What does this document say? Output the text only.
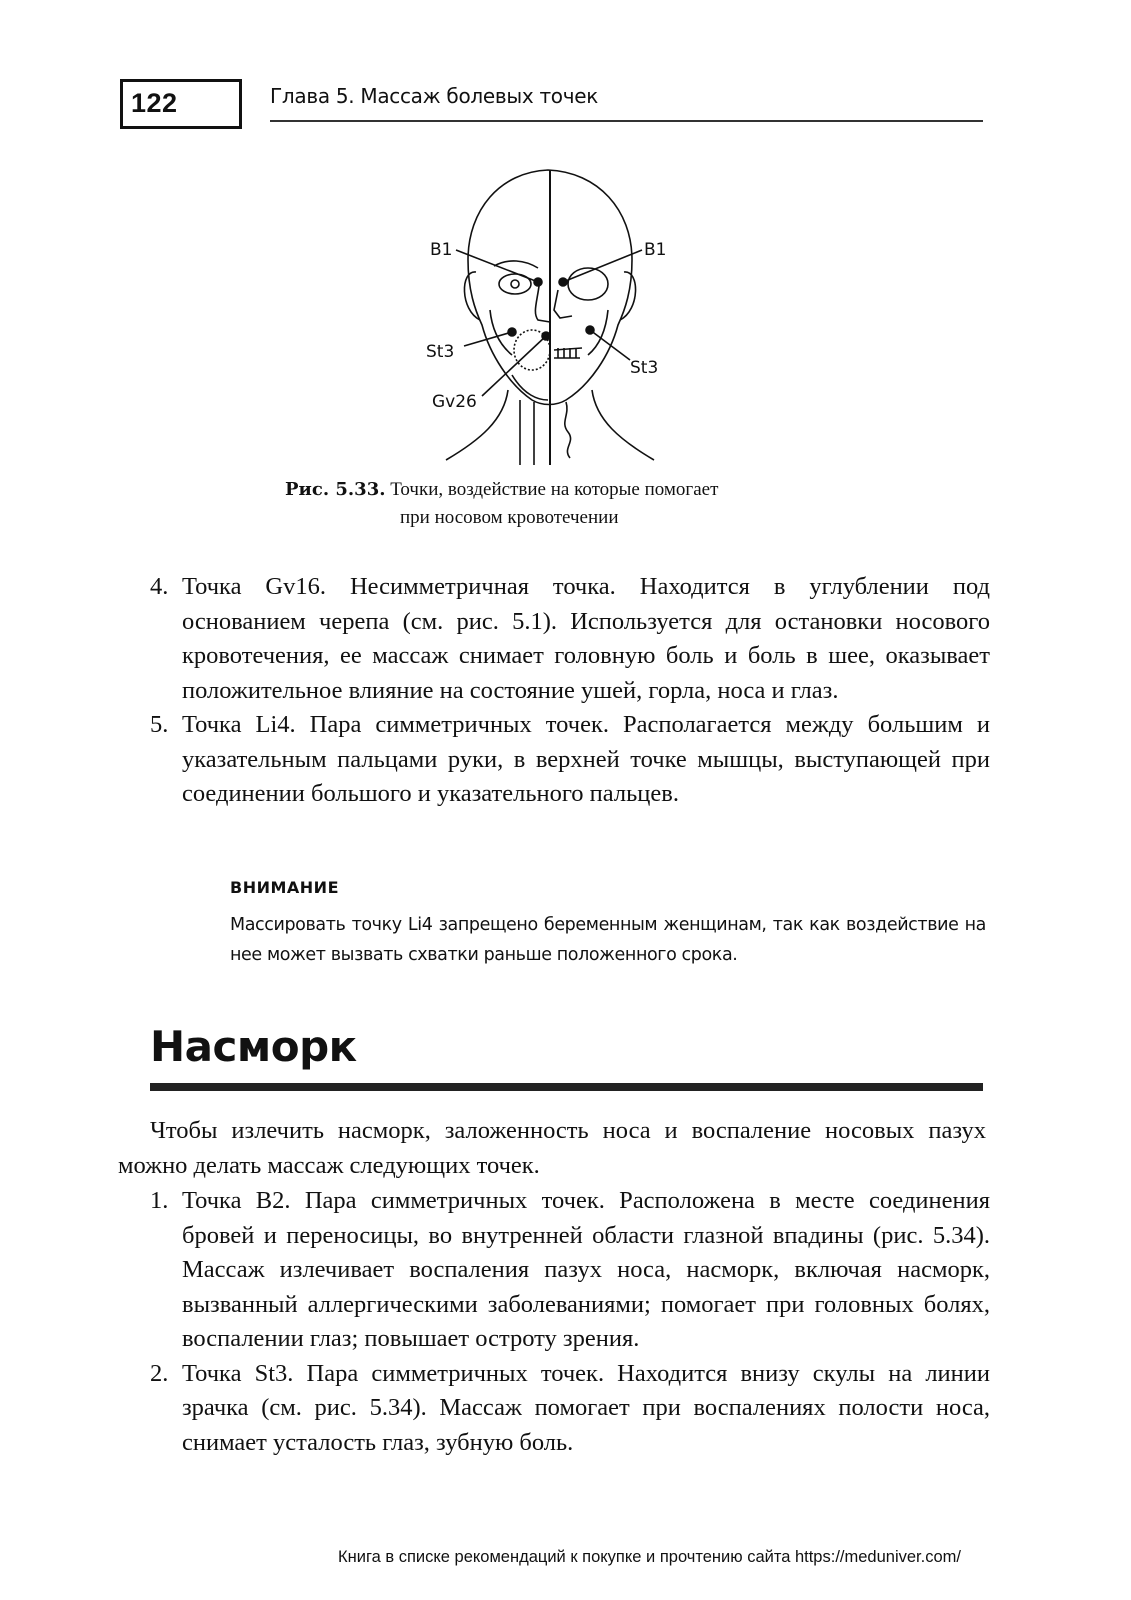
122	Глава 5. Массаж болевых точек
B1	B1
St3
St3
Gv26
Рис. 5.33. Точки, воздействие на которые помогает
при носовом кровотечении

4. Точка Gv16. Несимметричная точка. Находится в углублении под основанием черепа (см. рис. 5.1). Используется для остановки носового кровотечения, ее массаж снимает головную боль и боль в шее, оказывает положительное влияние на состояние ушей, горла, носа и глаз.

5. Точка Li4. Пара симметричных точек. Располагается между большим и указательным пальцами руки, в верхней точке мышцы, выступающей при соединении большого и указательного пальцев.

ВНИМАНИЕ
Массировать точку Li4 запрещено беременным женщинам, так как воздействие на нее может вызвать схватки раньше положенного срока.
Насморк
Чтобы излечить насморк, заложенность носа и воспаление носовых пазух можно делать массаж следующих точек.

1. Точка В2. Пара симметричных точек. Расположена в месте соединения бровей и переносицы, во внутренней области глазной впадины (рис. 5.34). Массаж излечивает воспаления пазух носа, насморк, включая насморк, вызванный аллергическими заболеваниями; помогает при головных болях, воспалении глаз; повышает остроту зрения.

2. Точка St3. Пара симметричных точек. Находится внизу скулы на линии зрачка (см. рис. 5.34). Массаж помогает при воспалениях полости носа, снимает усталость глаз, зубную боль.

Книга в списке рекомендаций к покупке и прочтению сайта https://meduniver.com/
